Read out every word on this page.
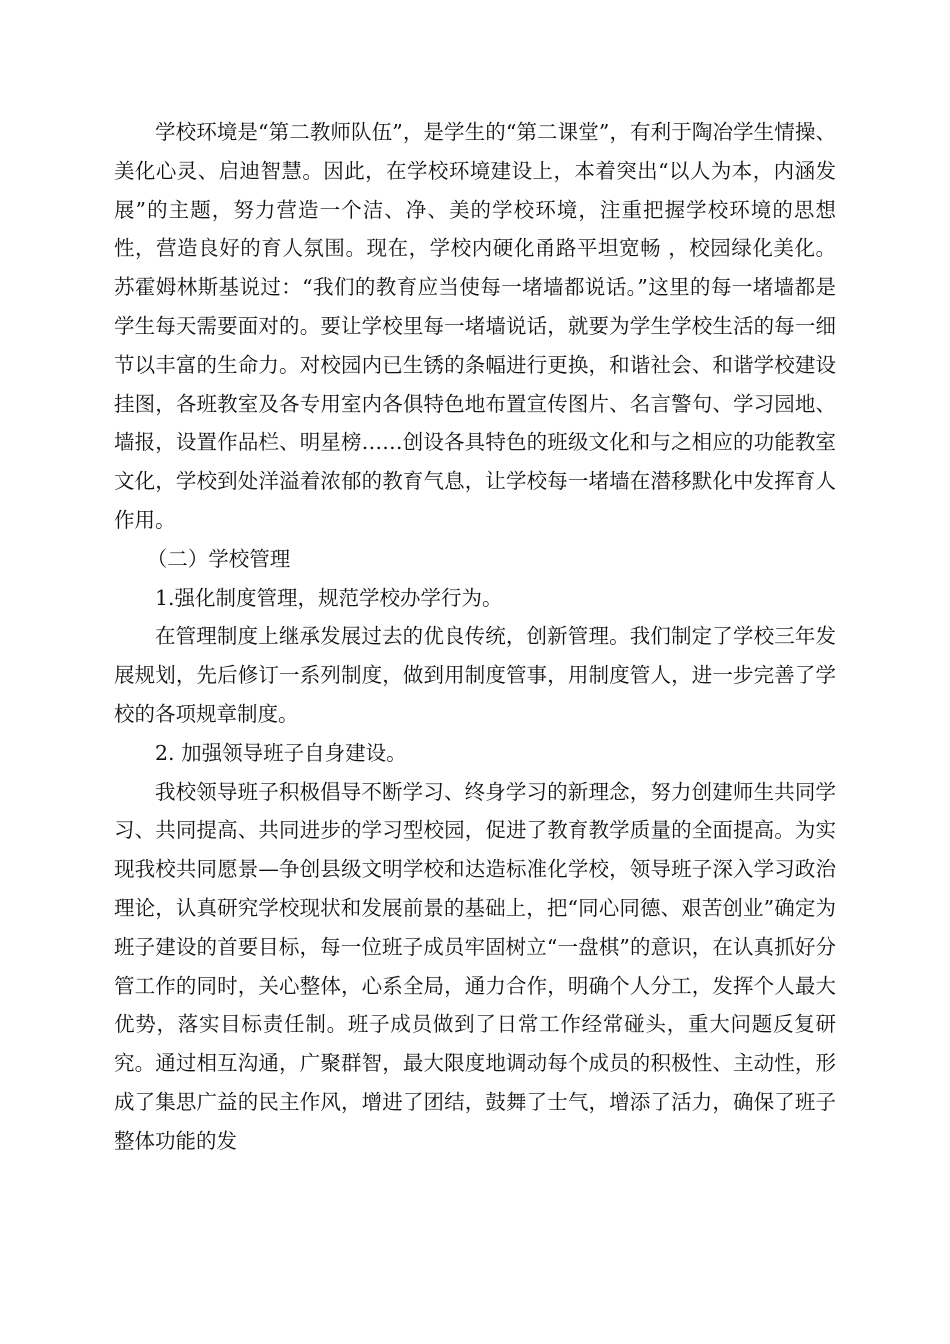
学校环境是“第二教师队伍”，是学生的“第二课堂”，有利于陶冶学生情操、美化心灵、启迪智慧。因此，在学校环境建设上，本着突出“以人为本，内涵发展”的主题，努力营造一个洁、净、美的学校环境，注重把握学校环境的思想性，营造良好的育人氛围。现在，学校内硬化甬路平坦宽畅 ，校园绿化美化。苏霍姆林斯基说过：“我们的教育应当使每一堵墙都说话。”这里的每一堵墙都是学生每天需要面对的。要让学校里每一堵墙说话，就要为学生学校生活的每一细节以丰富的生命力。对校园内已生锈的条幅进行更换，和谐社会、和谐学校建设挂图，各班教室及各专用室内各俱特色地布置宣传图片、名言警句、学习园地、墙报，设置作品栏、明星榜……创设各具特色的班级文化和与之相应的功能教室文化，学校到处洋溢着浓郁的教育气息，让学校每一堵墙在潜移默化中发挥育人作用。

（二）学校管理

1.强化制度管理，规范学校办学行为。

在管理制度上继承发展过去的优良传统，创新管理。我们制定了学校三年发展规划，先后修订一系列制度，做到用制度管事，用制度管人，进一步完善了学校的各项规章制度。

2. 加强领导班子自身建设。

我校领导班子积极倡导不断学习、终身学习的新理念，努力创建师生共同学习、共同提高、共同进步的学习型校园，促进了教育教学质量的全面提高。为实现我校共同愿景—争创县级文明学校和达造标准化学校，领导班子深入学习政治理论，认真研究学校现状和发展前景的基础上，把“同心同德、艰苦创业”确定为班子建设的首要目标，每一位班子成员牢固树立“一盘棋”的意识，在认真抓好分管工作的同时，关心整体，心系全局，通力合作，明确个人分工，发挥个人最大优势，落实目标责任制。班子成员做到了日常工作经常碰头，重大问题反复研究。通过相互沟通，广聚群智，最大限度地调动每个成员的积极性、主动性，形成了集思广益的民主作风，增进了团结，鼓舞了士气，增添了活力，确保了班子整体功能的发
